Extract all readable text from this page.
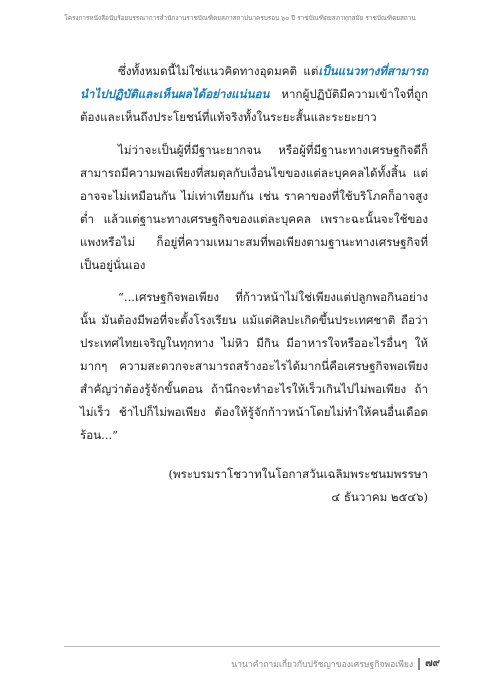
โครงการหนังสือนับร้อยบรรณาการสำนักงานราชบัณฑิตยสภาสถาปนาครบรอบ ๖๐ ปี ราชบัณฑิตยสภาทุกสมัย ราชบัณฑิตยสถาน

ซึ่งทั้งหมดนี้ไม่ใช่แนวคิดทางอุดมคติ แต่เป็นแนวทางที่สามารถนำไปปฏิบัติและเห็นผลได้อย่างแน่นอน หากผู้ปฏิบัติมีความเข้าใจที่ถูกต้องและเห็นถึงประโยชน์ที่แท้จริงทั้งในระยะสั้นและระยะยาว

ไม่ว่าจะเป็นผู้ที่มีฐานะยากจน หรือผู้ที่มีฐานะทางเศรษฐกิจดีก็สามารถมีความพอเพียงที่สมดุลกับเงื่อนไขของแต่ละบุคคลได้ทั้งสิ้น แต่อาจจะไม่เหมือนกัน ไม่เท่าเทียมกัน เช่น ราคาของที่ใช้บริโภคก็อาจสูงต่ำ แล้วแต่ฐานะทางเศรษฐกิจของแต่ละบุคคล เพราะฉะนั้นจะใช้ของแพงหรือไม่ ก็อยู่ที่ความเหมาะสมที่พอเพียงตามฐานะทางเศรษฐกิจที่เป็นอยู่นั่นเอง

“...เศรษฐกิจพอเพียง ที่ก้าวหน้าไม่ใช่เพียงแต่ปลูกพอกินอย่างนั้น มันต้องมีพอที่จะตั้งโรงเรียน แม้แต่ศิลปะเกิดขึ้นประเทศชาติ ถือว่าประเทศไทยเจริญในทุกทาง ไม่หิว มีกิน มีอาหารใจหรืออะไรอื่นๆ ให้มากๆ ความสะดวกจะสามารถสร้างอะไรได้มากนี่คือเศรษฐกิจพอเพียง สำคัญว่าต้องรู้จักขั้นตอน ถ้านึกจะทำอะไรให้เร็วเกินไปไม่พอเพียง ถ้าไม่เร็ว ช้าไปก็ไม่พอเพียง ต้องให้รู้จักก้าวหน้าโดยไม่ทำให้คนอื่นเดือดร้อน...”

(พระบรมราโชวาทในโอกาสวันเฉลิมพระชนมพรรษา

๔ ธันวาคม ๒๕๔๖)

นานาคำถามเกี่ยวกับปรัชญาของเศรษฐกิจพอเพียง ๗๙
